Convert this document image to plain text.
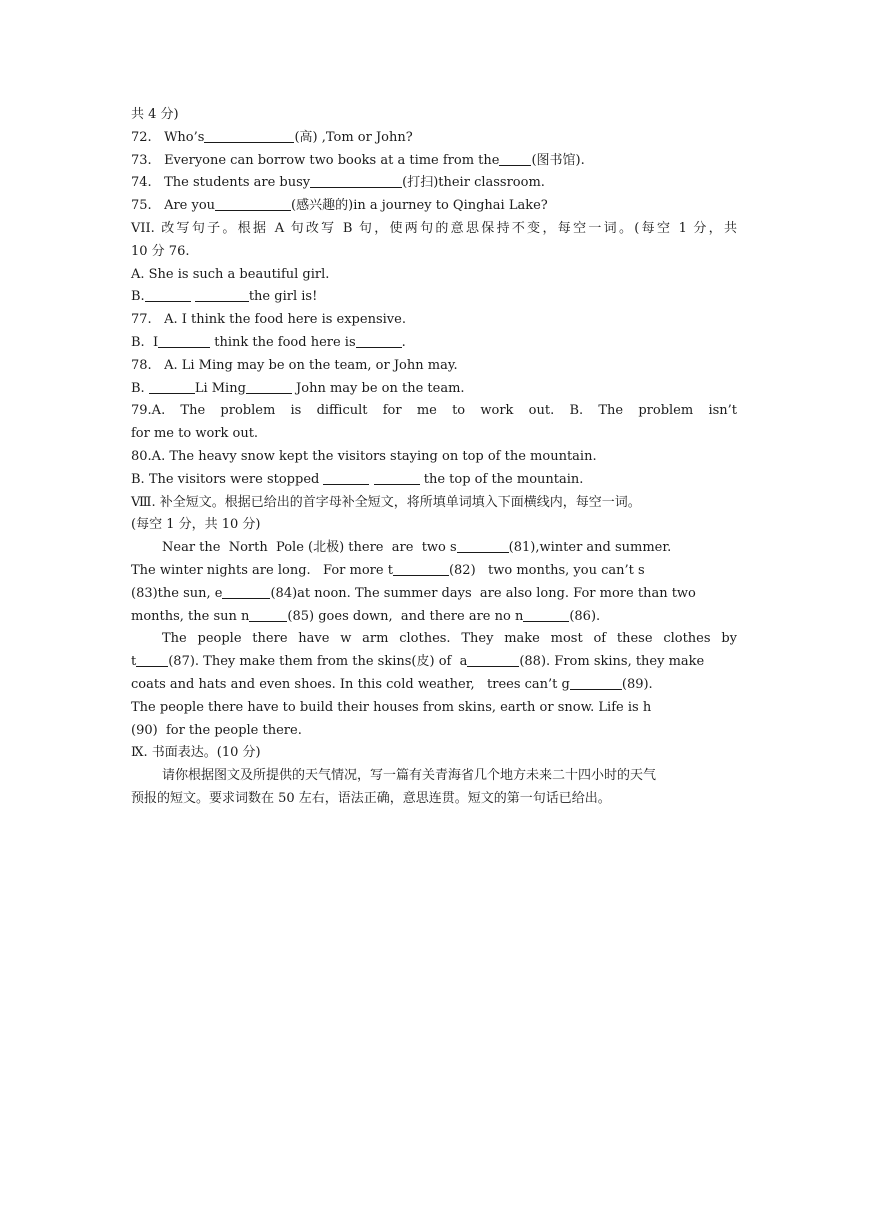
共 4 分)
72.   Who’s	(高) ,Tom or John?
73.   Everyone can borrow two books at a time from the (图书馆).
74.   The students are busy	(打扫)their classroom.
75.   Are you	(感兴趣的)in a journey to Qinghai Lake?
VII. 改写句子。根据 A 句改写 B 句，使两句的意思保持不变，每空一词。(每空 1 分，共
10 分 76.
A. She is such a beautiful girl.
B.	the girl is!
77.   A. I think the food here is expensive.
B.  I	think the food here is	.
78.   A. Li Ming may be on the team, or John may.
B.	Li Ming	John may be on the team.
79.A. The problem is difficult for me to work out. B. The problem isn’t
for me to work out.
80.A. The heavy snow kept the visitors staying on top of the mountain.
B. The visitors were stopped	the top of the mountain.
Ⅷ. 补全短文。根据已给出的首字母补全短文，将所填单词填入下面横线内，每空一词。
(每空 1 分，共 10 分)
Near the  North  Pole (北极) there  are  two s	(81),winter and summer.
The winter nights are long.   For more t	(82)   two months, you can’t s
(83)the sun, e	(84)at noon. The summer days  are also long. For more than two
months, the sun n	(85) goes down,  and there are no n	(86).
The people there have w arm clothes. They make most of these clothes by
t (87). They make them from the skins(皮) of  a	(88). From skins, they make
coats and hats and even shoes. In this cold weather,   trees can’t g	(89).
The people there have to build their houses from skins, earth or snow. Life is h
(90)  for the people there.
Ⅸ. 书面表达。(10 分)
请你根据图文及所提供的天气情况，写一篇有关青海省几个地方未来二十四小时的天气
预报的短文。要求词数在 50 左右，语法正确，意思连贯。短文的第一句话已给出。
